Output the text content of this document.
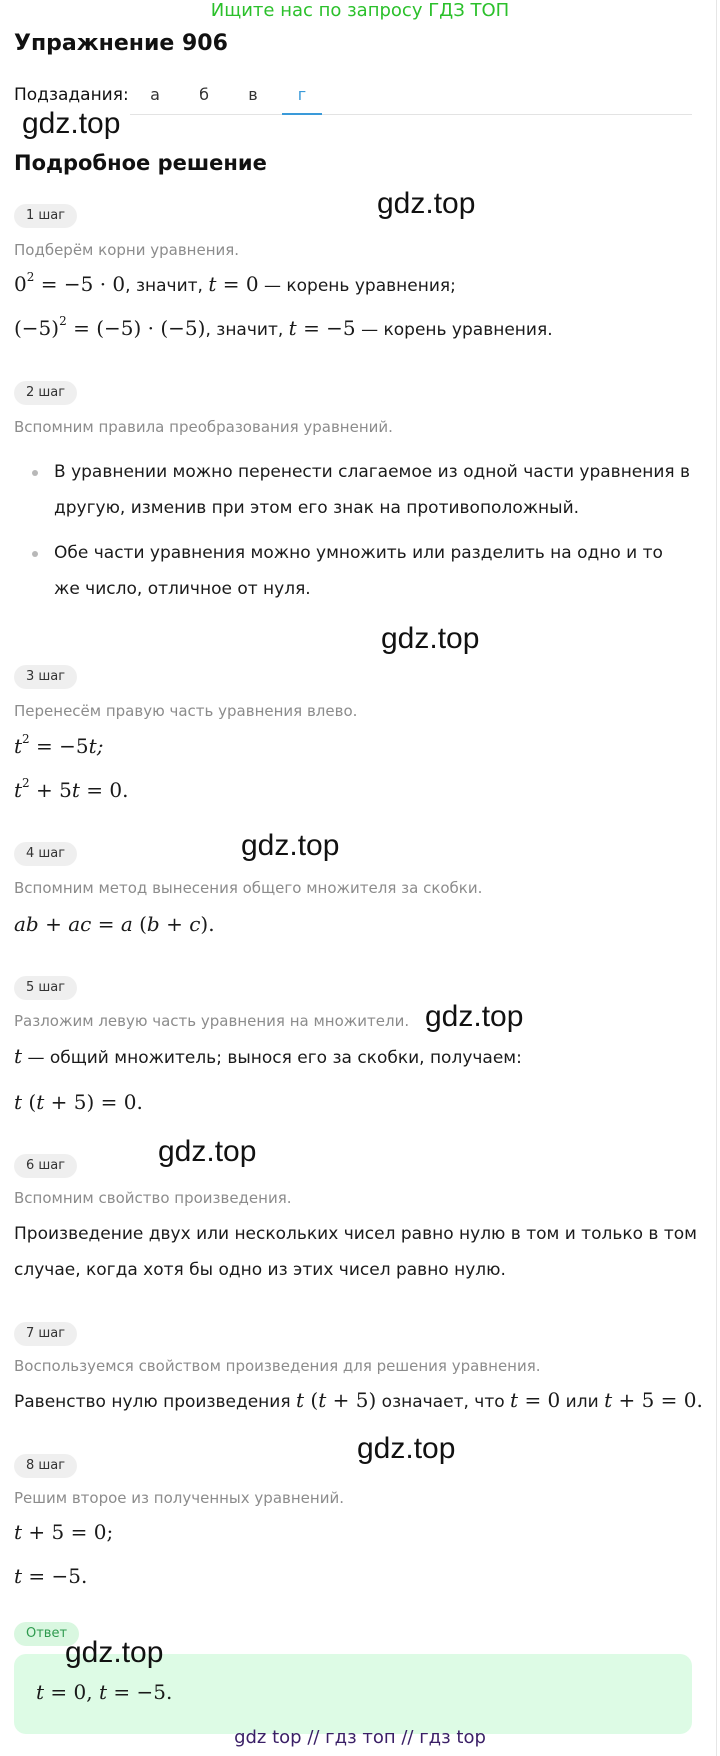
Ищите нас по запросу ГДЗ ТОП
Упражнение 906
Подзадания:	а	б	в	г
gdz.top
Подробное решение
gdz.top
1 шаг
Подберём корни уравнения.
$0^2 = -5 \cdot 0$, значит, t = 0 — корень уравнения;
$(-5)^2 = (-5) \cdot (-5)$, значит, t = −5 — корень уравнения.
2 шаг
Вспомним правила преобразования уравнений.
В уравнении можно перенести слагаемое из одной части уравнения в другую, изменив при этом его знак на противоположный.
Обе части уравнения можно умножить или разделить на одно и то же число, отличное от нуля.
gdz.top
3 шаг
Перенесём правую часть уравнения влево.
$t^2 = -5t$;
$t^2 + 5t = 0$.
gdz.top
4 шаг
Вспомним метод вынесения общего множителя за скобки.
ab + ac = a (b + c).
5 шаг
Разложим левую часть уравнения на множители. gdz.top
t — общий множитель; вынося его за скобки, получаем:
t (t + 5) = 0.
gdz.top
6 шаг
Вспомним свойство произведения.
Произведение двух или нескольких чисел равно нулю в том и только в том
случае, когда хотя бы одно из этих чисел равно нулю.
7 шаг
Воспользуемся свойством произведения для решения уравнения.
Равенство нулю произведения t (t + 5) означает, что t = 0 или t + 5 = 0.
gdz.top
8 шаг
Решим второе из полученных уравнений.
t + 5 = 0;
t = −5.
Ответ
gdz.top
t = 0, t = −5.
gdz top // гдз топ // гдз top
